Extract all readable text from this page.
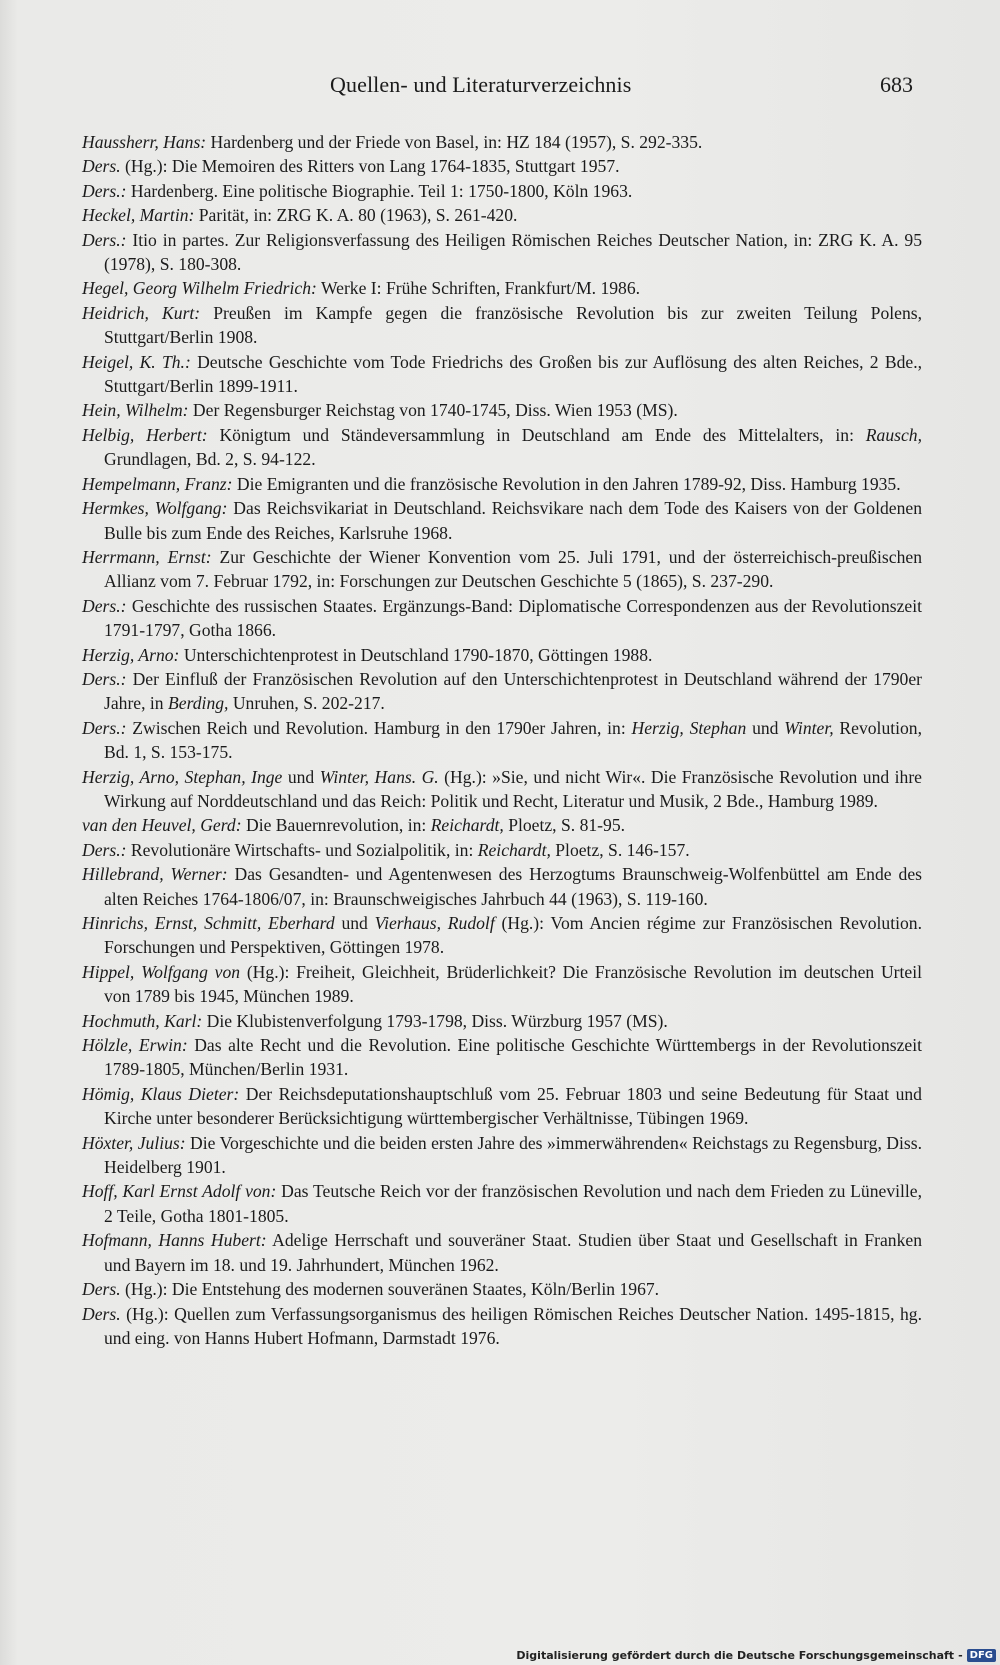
Quellen- und Literaturverzeichnis	683
Haussherr, Hans: Hardenberg und der Friede von Basel, in: HZ 184 (1957), S. 292-335.
Ders. (Hg.): Die Memoiren des Ritters von Lang 1764-1835, Stuttgart 1957.
Ders.: Hardenberg. Eine politische Biographie. Teil 1: 1750-1800, Köln 1963.
Heckel, Martin: Parität, in: ZRG K. A. 80 (1963), S. 261-420.
Ders.: Itio in partes. Zur Religionsverfassung des Heiligen Römischen Reiches Deutscher Nation, in: ZRG K. A. 95 (1978), S. 180-308.
Hegel, Georg Wilhelm Friedrich: Werke I: Frühe Schriften, Frankfurt/M. 1986.
Heidrich, Kurt: Preußen im Kampfe gegen die französische Revolution bis zur zweiten Teilung Polens, Stuttgart/Berlin 1908.
Heigel, K. Th.: Deutsche Geschichte vom Tode Friedrichs des Großen bis zur Auflösung des alten Reiches, 2 Bde., Stuttgart/Berlin 1899-1911.
Hein, Wilhelm: Der Regensburger Reichstag von 1740-1745, Diss. Wien 1953 (MS).
Helbig, Herbert: Königtum und Ständeversammlung in Deutschland am Ende des Mittelalters, in: Rausch, Grundlagen, Bd. 2, S. 94-122.
Hempelmann, Franz: Die Emigranten und die französische Revolution in den Jahren 1789-92, Diss. Hamburg 1935.
Hermkes, Wolfgang: Das Reichsvikariat in Deutschland. Reichsvikare nach dem Tode des Kaisers von der Goldenen Bulle bis zum Ende des Reiches, Karlsruhe 1968.
Herrmann, Ernst: Zur Geschichte der Wiener Konvention vom 25. Juli 1791, und der österreichisch-preußischen Allianz vom 7. Februar 1792, in: Forschungen zur Deutschen Geschichte 5 (1865), S. 237-290.
Ders.: Geschichte des russischen Staates. Ergänzungs-Band: Diplomatische Correspondenzen aus der Revolutionszeit 1791-1797, Gotha 1866.
Herzig, Arno: Unterschichtenprotest in Deutschland 1790-1870, Göttingen 1988.
Ders.: Der Einfluß der Französischen Revolution auf den Unterschichtenprotest in Deutschland während der 1790er Jahre, in Berding, Unruhen, S. 202-217.
Ders.: Zwischen Reich und Revolution. Hamburg in den 1790er Jahren, in: Herzig, Stephan und Winter, Revolution, Bd. 1, S. 153-175.
Herzig, Arno, Stephan, Inge und Winter, Hans. G. (Hg.): »Sie, und nicht Wir«. Die Französische Revolution und ihre Wirkung auf Norddeutschland und das Reich: Politik und Recht, Literatur und Musik, 2 Bde., Hamburg 1989.
van den Heuvel, Gerd: Die Bauernrevolution, in: Reichardt, Ploetz, S. 81-95.
Ders.: Revolutionäre Wirtschafts- und Sozialpolitik, in: Reichardt, Ploetz, S. 146-157.
Hillebrand, Werner: Das Gesandten- und Agentenwesen des Herzogtums Braunschweig-Wolfenbüttel am Ende des alten Reiches 1764-1806/07, in: Braunschweigisches Jahrbuch 44 (1963), S. 119-160.
Hinrichs, Ernst, Schmitt, Eberhard und Vierhaus, Rudolf (Hg.): Vom Ancien régime zur Französischen Revolution. Forschungen und Perspektiven, Göttingen 1978.
Hippel, Wolfgang von (Hg.): Freiheit, Gleichheit, Brüderlichkeit? Die Französische Revolution im deutschen Urteil von 1789 bis 1945, München 1989.
Hochmuth, Karl: Die Klubistenverfolgung 1793-1798, Diss. Würzburg 1957 (MS).
Hölzle, Erwin: Das alte Recht und die Revolution. Eine politische Geschichte Württembergs in der Revolutionszeit 1789-1805, München/Berlin 1931.
Hömig, Klaus Dieter: Der Reichsdeputationshauptschluß vom 25. Februar 1803 und seine Bedeutung für Staat und Kirche unter besonderer Berücksichtigung württembergischer Verhältnisse, Tübingen 1969.
Höxter, Julius: Die Vorgeschichte und die beiden ersten Jahre des »immerwährenden« Reichstags zu Regensburg, Diss. Heidelberg 1901.
Hoff, Karl Ernst Adolf von: Das Teutsche Reich vor der französischen Revolution und nach dem Frieden zu Lüneville, 2 Teile, Gotha 1801-1805.
Hofmann, Hanns Hubert: Adelige Herrschaft und souveräner Staat. Studien über Staat und Gesellschaft in Franken und Bayern im 18. und 19. Jahrhundert, München 1962.
Ders. (Hg.): Die Entstehung des modernen souveränen Staates, Köln/Berlin 1967.
Ders. (Hg.): Quellen zum Verfassungsorganismus des heiligen Römischen Reiches Deutscher Nation. 1495-1815, hg. und eing. von Hanns Hubert Hofmann, Darmstadt 1976.
Digitalisierung gefördert durch die Deutsche Forschungsgemeinschaft - DFG
